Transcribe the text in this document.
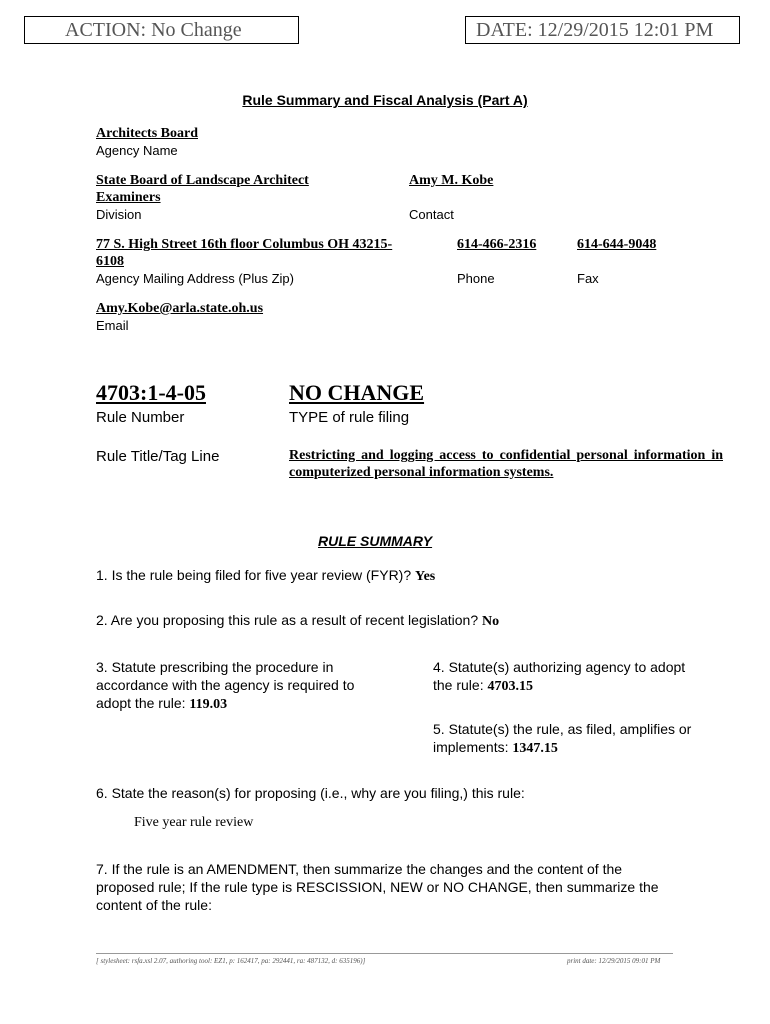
ACTION: No Change	DATE: 12/29/2015 12:01 PM
Rule Summary and Fiscal Analysis (Part A)
Architects Board
Agency Name
State Board of Landscape Architect Examiners
Division
Amy M. Kobe
Contact
77 S. High Street 16th floor Columbus OH 43215-6108
Agency Mailing Address (Plus Zip)
614-466-2316
Phone
614-644-9048
Fax
Amy.Kobe@arla.state.oh.us
Email
4703:1-4-05
Rule Number
NO CHANGE
TYPE of rule filing
Rule Title/Tag Line	Restricting and logging access to confidential personal information in computerized personal information systems.
RULE SUMMARY
1. Is the rule being filed for five year review (FYR)? Yes
2. Are you proposing this rule as a result of recent legislation? No
3. Statute prescribing the procedure in accordance with the agency is required to adopt the rule: 119.03
4. Statute(s) authorizing agency to adopt the rule: 4703.15
5. Statute(s) the rule, as filed, amplifies or implements: 1347.15
6. State the reason(s) for proposing (i.e., why are you filing,) this rule:
Five year rule review
7. If the rule is an AMENDMENT, then summarize the changes and the content of the proposed rule; If the rule type is RESCISSION, NEW or NO CHANGE, then summarize the content of the rule:
[ stylesheet: rsfa.xsl 2.07, authoring tool: EZ1, p: 162417, pa: 292441, ra: 487132, d: 635196)]	print date: 12/29/2015 09:01 PM
